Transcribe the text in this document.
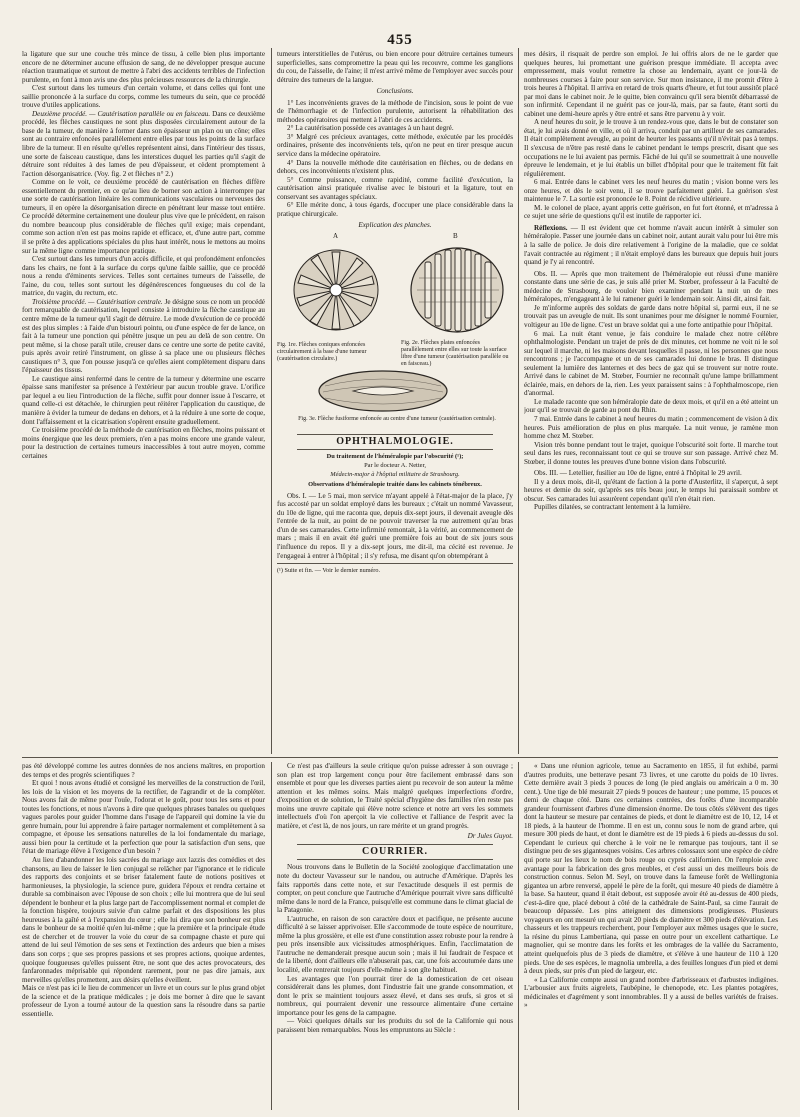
455

la ligature que sur une couche très mince de tissu, à celle bien plus importante encore de ne déterminer aucune effusion de sang, de ne développer presque aucune réaction traumatique et surtout de mettre à l'abri des accidents terribles de l'infection purulente, en font à mon avis une des plus précieuses ressources de la chirurgie.

C'est surtout dans les tumeurs d'un certain volume, et dans celles qui font une saillie prononcée à la surface du corps, comme les tumeurs du sein, que ce procédé trouve d'utiles applications.

Deuxième procédé. — Cautérisation parallèle ou en faisceau. Dans ce deuxième procédé, les flèches caustiques ne sont plus disposées circulairement autour de la base de la tumeur, de manière à former dans son épaisseur un plan ou un cône; elles sont au contraire enfoncées parallèlement entre elles par tous les points de la surface libre de la tumeur. Il en résulte qu'elles représentent ainsi, dans l'intérieur des tissus, une sorte de faisceau caustique, dans les interstices duquel les parties qu'il s'agit de détruire sont réduites à des lames de peu d'épaisseur, et cèdent promptement à l'action désorganisatrice. (Voy. fig. 2 et flèches n° 2.)

Comme on le voit, ce deuxième procédé de cautérisation en flèches diffère essentiellement du premier, en ce qu'au lieu de borner son action à interrompre par une sorte de cautérisation linéaire les communications vasculaires ou nerveuses des tumeurs, il en opère la désorganisation directe en pénétrant leur masse tout entière. Ce procédé détermine certainement une douleur plus vive que le précédent, en raison du nombre beaucoup plus considérable de flèches qu'il exige; mais cependant, comme son action n'en est pas moins rapide et efficace, et, d'une autre part, comme il se prête à des applications spéciales du plus haut intérêt, nous le mettons au moins sur la même ligne comme importance pratique.

C'est surtout dans les tumeurs d'un accès difficile, et qui profondément enfoncées dans les chairs, ne font à la surface du corps qu'une faible saillie, que ce procédé nous a rendu d'éminents services. Telles sont certaines tumeurs de l'aisselle, de l'aine, du cou, telles sont surtout les dégénérescences fongueuses du col de la matrice, du vagin, du rectum, etc.

Troisième procédé. — Cautérisation centrale. Je désigne sous ce nom un procédé fort remarquable de cautérisation, lequel consiste à introduire la flèche caustique au centre même de la tumeur qu'il s'agit de détruire. Le mode d'exécution de ce procédé est des plus simples : à l'aide d'un bistouri pointu, ou d'une espèce de fer de lance, on fait à la tumeur une ponction qui pénètre jusque un peu au delà de son centre. On peut même, si la chose paraît utile, creuser dans ce centre une sorte de petite cavité, puis après avoir retiré l'instrument, on glisse à sa place une ou plusieurs flèches caustiques n° 3, que l'on pousse jusqu'à ce qu'elles aient complètement disparu dans l'épaisseur des tissus.

Le caustique ainsi renfermé dans le centre de la tumeur y détermine une escarre épaisse sans manifester sa présence à l'extérieur par aucun trouble grave. L'orifice par lequel a eu lieu l'introduction de la flèche, suffit pour donner issue à l'escarre, et quand celle-ci est détachée, le chirurgien peut réitérer l'application du caustique, de manière à évider la tumeur de dedans en dehors, et à la réduire à une sorte de coque, dont l'affaissement et la cicatrisation s'opèrent ensuite graduellement.

Ce troisième procédé de la méthode de cautérisation en flèches, moins puissant et moins énergique que les deux premiers, n'en a pas moins encore une grande valeur, pour la destruction de certaines tumeurs inaccessibles à tout autre moyen, comme certaines

tumeurs interstitielles de l'utérus, ou bien encore pour détruire certaines tumeurs superficielles, sans compromettre la peau qui les recouvre, comme les ganglions du cou, de l'aisselle, de l'aine; il m'est arrivé même de l'employer avec succès pour détruire des tumeurs de la langue.

Conclusions.

1° Les inconvénients graves de la méthode de l'incision, sous le point de vue de l'hémorrhagie et de l'infection purulente, autorisent la réhabilitation des méthodes opératoires qui mettent à l'abri de ces accidents.

2° La cautérisation possède ces avantages à un haut degré.

3° Malgré ces précieux avantages, cette méthode, exécutée par les procédés ordinaires, présente des inconvénients tels, qu'on ne peut en tirer presque aucun service dans la médecine opératoire.

4° Dans la nouvelle méthode dite cautérisation en flèches, ou de dedans en dehors, ces inconvénients n'existent plus.

5° Comme puissance, comme rapidité, comme facilité d'exécution, la cautérisation ainsi pratiquée rivalise avec le bistouri et la ligature, tout en conservant ses avantages spéciaux.

6° Elle mérite donc, à tous égards, d'occuper une place considérable dans la pratique chirurgicale.

Explication des planches.

A	B
Fig. 1re. Flèches coniques enfoncées circulairement à la base d'une tumeur (cautérisation circulaire.)
Fig. 2e. Flèches plates enfoncées parallèlement entre elles sur toute la surface libre d'une tumeur (cautérisation parallèle ou en faisceau.)
Fig. 3e. Flèche fusiforme enfoncée au centre d'une tumeur (cautérisation centrale).

OPHTHALMOLOGIE.

Du traitement de l'héméralopie par l'obscurité (¹);

Par le docteur A. Netter,

Médecin-major à l'hôpital militaire de Strasbourg.

Observations d'héméralopie traitée dans les cabinets ténébreux.

Obs. I. — Le 5 mai, mon service m'ayant appelé à l'état-major de la place, j'y fus accosté par un soldat employé dans les bureaux ; c'était un nommé Vavasseur, du 10e de ligne, qui me raconta que, depuis dix-sept jours, il devenait aveugle dès l'entrée de la nuit, au point de ne pouvoir traverser la rue autrement qu'au bras d'un de ses camarades. Cette infirmité remontait, à la vérité, au commencement de mars ; mais il en avait été guéri une première fois au bout de six jours sous l'influence du repos. Il y a dix-sept jours, me dit-il, ma cécité est revenue. Je l'engageai à entrer à l'hôpital ; il s'y refusa, me disant qu'on obtempérant à

(¹) Suite et fin. — Voir le dernier numéro.

mes désirs, il risquait de perdre son emploi. Je lui offris alors de ne le garder que quelques heures, lui promettant une guérison presque immédiate. Il accepta avec empressement, mais voulut remettre la chose au lendemain, ayant ce jour-là de nombreuses courses à faire pour son service. Sur mon insistance, il me promit d'être à trois heures à l'hôpital. Il arriva en retard de trois quarts d'heure, et fut tout aussitôt placé par moi dans le cabinet noir. Je le quitte, bien convaincu qu'il sera bientôt débarrassé de son infirmité. Cependant il ne guérit pas ce jour-là, mais, par sa faute, étant sorti du cabinet une demi-heure après y être entré et sans être parvenu à y voir.

A neuf heures du soir, je le trouve à un rendez-vous que, dans le but de constater son état, je lui avais donné en ville, et où il arriva, conduit par un artilleur de ses camarades. Il était complètement aveugle, au point de heurter les passants qu'il n'évitait pas à temps. Il s'excusa de n'être pas resté dans le cabinet pendant le temps prescrit, disant que ses occupations ne le lui avaient pas permis. Fâché de lui qu'il se soumettrait à une nouvelle épreuve le lendemain, et je lui établis un billet d'hôpital pour que le traitement fût fait régulièrement.

6 mai. Entrée dans le cabinet vers les neuf heures du matin ; vision bonne vers les onze heures, et dès le soir venu, il se trouve parfaitement guéri. La guérison s'est maintenue le 7. La sortie est prononcée le 8. Point de récidive ultérieure.

M. le colonel de place, ayant appris cette guérison, en fut fort étonné, et m'adressa à ce sujet une série de questions qu'il est inutile de rapporter ici.

Réflexions. — Il est évident que cet homme n'avait aucun intérêt à simuler son héméralopie. Passer une journée dans un cabinet noir, autant aurait valu pour lui être mis à la salle de police. Je dois dire relativement à l'origine de la maladie, que ce soldat l'avait contractée au régiment ; il n'était employé dans les bureaux que depuis huit jours quand je l'y ai rencontré.

Obs. II. — Après que mon traitement de l'héméralopie eut réussi d'une manière constante dans une série de cas, je suis allé prier M. Stœber, professeur à la Faculté de médecine de Strasbourg, de vouloir bien examiner pendant la nuit un de mes héméralopes, m'engageant à le lui ramener guéri le lendemain soir. Ainsi dit, ainsi fait.

Je m'informe auprès des soldats de garde dans notre hôpital si, parmi eux, il ne se trouvait pas un aveugle de nuit. Ils sont unanimes pour me désigner le nommé Fournier, voltigeur au 10e de ligne. C'est un brave soldat qui a une forte antipathie pour l'hôpital.

6 mai. La nuit étant venue, je fais conduire le malade chez notre célèbre ophthalmologiste. Pendant un trajet de près de dix minutes, cet homme ne voit ni le sol sur lequel il marche, ni les maisons devant lesquelles il passe, ni les personnes que nous rencontrons ; je l'accompagne et un de ses camarades lui donne le bras. Il distingue seulement la lumière des lanternes et des becs de gaz qui se trouvent sur notre route. Arrivé dans le cabinet de M. Stœber, Fournier ne reconnaît qu'une lampe brillamment éclairée, mais, en dehors de la, rien. Les yeux paraissent sains : à l'ophthalmoscope, rien d'anormal.

Le malade raconte que son héméralopie date de deux mois, et qu'il en a été atteint un jour qu'il se trouvait de garde au pont du Rhin.

7 mai. Entrée dans le cabinet à neuf heures du matin ; commencement de vision à dix heures. Puis amélioration de plus en plus marquée. La nuit venue, je ramène mon homme chez M. Stœber.

Vision très bonne pendant tout le trajet, quoique l'obscurité soit forte. Il marche tout seul dans les rues, reconnaissant tout ce qui se trouve sur son passage. Arrivé chez M. Stœber, il donne toutes les preuves d'une bonne vision dans l'obscurité.

Obs. III. — Letellier, fusilier au 10e de ligne, entré à l'hôpital le 29 avril.

Il y a deux mois, dit-il, qu'étant de faction à la porte d'Austerlitz, il s'aperçut, à sept heures et demie du soir, qu'après ses très beau jour, le temps lui paraissait sombre et obscur. Ses camarades lui assurèrent cependant qu'il n'en était rien.

Pupilles dilatées, se contractant lentement à la lumière.

pas été développé comme les autres données de nos anciens maîtres, en proportion des temps et des progrès scientifiques ?

Et quoi ! nous avons étudié et consigné les merveilles de la construction de l'œil, les lois de la vision et les moyens de la rectifier, de l'agrandir et de la compléter. Nous avons fait de même pour l'ouïe, l'odorat et le goût, pour tous les sens et pour toutes les fonctions, et nous n'avons à dire que quelques phrases banales ou quelques vagues paroles pour guider l'homme dans l'usage de l'appareil qui domine la vie du genre humain, pour lui apprendre à faire partager normalement et complètement à sa compagne, et épouse les sensations naturelles de la loi fondamentale du mariage, aussi bien pour la certitude et la perfection que pour la satisfaction d'un sens, que l'état de mariage élève à l'exigence d'un besoin ?

Au lieu d'abandonner les lois sacrées du mariage aux lazzis des comédies et des chansons, au lieu de laisser le lien conjugal se relâcher par l'ignorance et le ridicule des rapports des conjoints et se briser fatalement faute de notions positives et harmonieuses, la physiologie, la science pure, guidera l'époux et rendra certaine et durable sa combinaison avec l'épouse de son choix ; elle lui montrera que de lui seul dépendent le bonheur et la plus large part de l'accomplissement normal et complet de la fonction hispère, toujours suivie d'un calme parfait et des dispositions les plus heureuses à la gaîté et à l'expansion du cœur ; elle lui dira que son bonheur est plus dans le bonheur de sa moitié qu'en lui-même ; que la première et la principale étude est de chercher et de trouver la voie du cœur de sa compagne chaste et pure qui attend de lui seul l'émotion de ses sens et l'extinction des ardeurs que bien a mises dans son corps ; que ses propres passions et ses propres actions, quoique ardentes, quoique fougueuses qu'elles puissent être, ne sont que des actes provocateurs, des fanfaronnades méprisable qui répondent rarement, pour ne pas dire jamais, aux merveilles qu'elles promettent, aux désirs qu'elles éveillent.

Mais ce n'est pas ici le lieu de commencer un livre et un cours sur le plus grand objet de la science et de la pratique médicales ; je dois me borner à dire que le savant professeur de Lyon a tourné autour de la question sans la résoudre dans sa partie essentielle.

Ce n'est pas d'ailleurs la seule critique qu'on puisse adresser à son ouvrage ; son plan est trop largement conçu pour être facilement embrassé dans son ensemble et pour que les diverses parties aient pu recevoir de son auteur la même attention et les mêmes soins. Mais malgré quelques imperfections d'ordre, d'exposition et de solution, le Traité spécial d'hygiène des familles n'en reste pas moins une œuvre capitale qui élève notre science et notre art vers les sommets intellectuels d'où l'on aperçoit la vie collective et l'alliance de l'esprit avec la matière, et c'est là, de nos jours, un rare mérite et un grand progrès.

Dr Jules Guyot.

COURRIER.

Nous trouvons dans le Bulletin de la Société zoologique d'acclimatation une note du docteur Vavasseur sur le nandou, ou autruche d'Amérique. D'après les faits rapportés dans cette note, et sur l'exactitude desquels il est permis de compter, on peut conclure que l'autruche d'Amérique pourrait vivre sans difficulté même dans le nord de la France, puisqu'elle est commune dans le climat glacial de la Patagonie.

L'autruche, en raison de son caractère doux et pacifique, ne présente aucune difficulté à se laisser apprivoiser. Elle s'accommode de toute espèce de nourriture, même la plus grossière, et elle est d'une constitution assez robuste pour la rendre à peu près insensible aux vicissitudes atmosphériques. Enfin, l'acclimatation de l'autruche ne demanderait presque aucun soin ; mais il lui faudrait de l'espace et de la liberté, dont d'ailleurs elle n'abuserait pas, car, une fois accoutumée dans une localité, elle rentrerait toujours d'elle-même à son gîte habituel.

Les avantages que l'on pourrait tirer de la domestication de cet oiseau considérerait dans les plumes, dont l'industrie fait une grande consommation, et dont le prix se maintient toujours assez élevé, et dans ses œufs, si gros et si nombreux, qui pourraient devenir une ressource alimentaire d'une certaine importance pour les gens de la campagne.

— Voici quelques détails sur les produits du sol de la Californie qui nous paraissent bien remarquables. Nous les empruntons au Siècle :

« Dans une réunion agricole, tenue au Sacramento en 1855, il fut exhibé, parmi d'autres produits, une betterave pesant 73 livres, et une carotte du poids de 10 livres. Cette dernière avait 3 pieds 3 pouces de long (le pied anglais ou américain a 0 m. 30 cent.). Une tige de blé mesurait 27 pieds 9 pouces de hauteur ; une pomme, 15 pouces et demi de chaque côté. Dans ces certaines contrées, des forêts d'une incomparable grandeur fournissent d'arbres d'une dimension énorme. De tous côtés s'élèvent des tiges dont la hauteur se mesure par centaines de pieds, et dont le diamètre est de 10, 12, 14 et 18 pieds, à la hauteur de l'homme. Il en est un, connu sous le nom de grand arbre, qui mesure 300 pieds de haut, et dont le diamètre est de 19 pieds à 6 pieds au-dessus du sol. Cependant le curieux qui cherche à le voir ne le remarque pas toujours, tant il se distingue peu de ses gigantesques voisins. Ces arbres colossaux sont une espèce de cèdre qui porte sur les lieux le nom de bois rouge ou cyprès californien. On l'emploie avec avantage pour la fabrication des gros meubles, et c'est aussi un des meilleurs bois de construction connus. Selon M. Seyl, on trouve dans la fameuse forêt de Wellingtonia gigantea un arbre renversé, appelé le père de la forêt, qui mesure 40 pieds de diamètre à la base. Sa hauteur, quand il était debout, est supposée avoir été au-dessus de 400 pieds, c'est-à-dire que, placé debout à côté de la cathédrale de Saint-Paul, sa cime l'aurait de beaucoup dépassée. Les pins atteignent des dimensions prodigieuses. Plusieurs voyageurs en ont mesuré un qui avait 20 pieds de diamètre et 300 pieds d'élévation. Les chasseurs et les trappeurs recherchent, pour l'employer aux mêmes usages que le sucre, la résine du pinus Lambertiana, qui passe en outre pour un excellent cathartique. Le magnolier, qui se montre dans les forêts et les ombrages de la vallée du Sacramento, atteint quelquefois plus de 3 pieds de diamètre, et s'élève à une hauteur de 110 à 120 pieds. Une de ses espèces, le magnolia umbrella, a des feuilles longues d'un pied et demi à deux pieds, sur près d'un pied de largeur, etc.

« La Californie compte aussi un grand nombre d'arbrisseaux et d'arbustes indigènes. L'arbousier aux fruits aigrelets, l'aubépine, le chenopode, etc. Les plantes potagères, médicinales et d'agrément y sont innombrables. Il y a aussi de belles variétés de fraises. »
